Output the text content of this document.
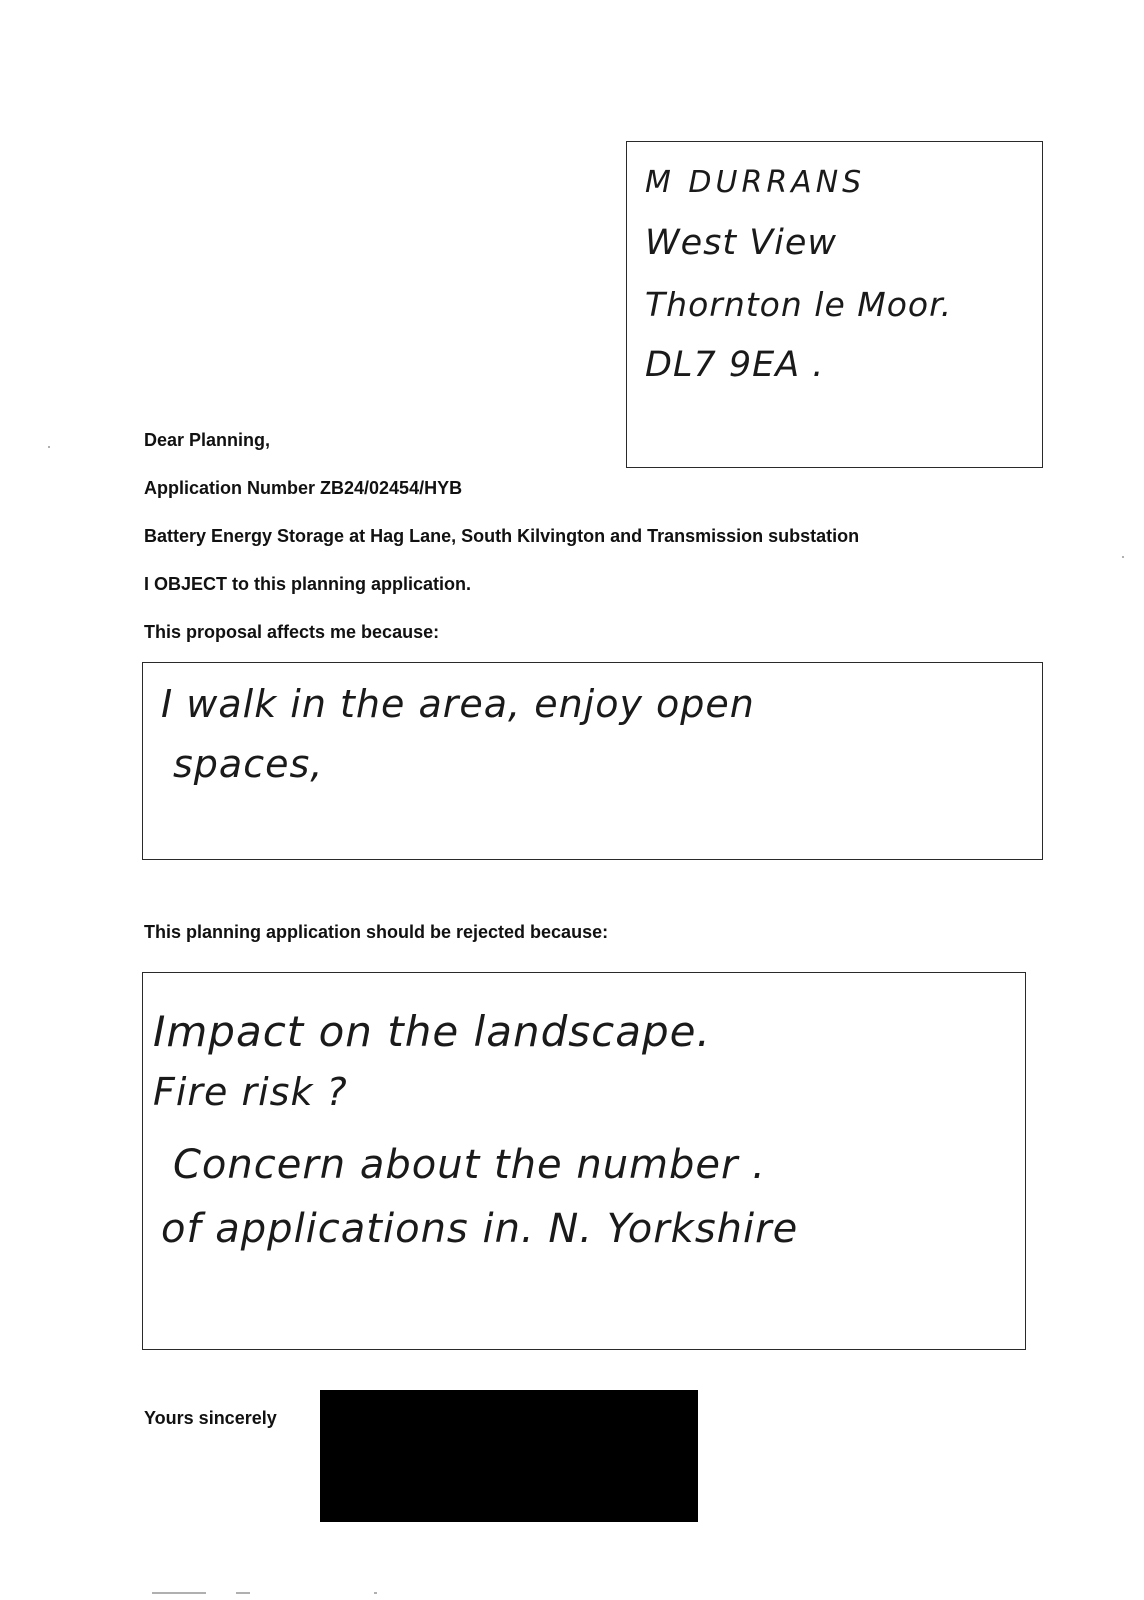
M DURRANS
West View
Thornton le Moor.
DL7 9EA .
Dear Planning,
Application Number ZB24/02454/HYB
Battery Energy Storage at Hag Lane, South Kilvington and Transmission substation
I OBJECT to this planning application.
This proposal affects me because:
I walk in the area, enjoy open
spaces,
This planning application should be rejected because:
Impact on the landscape.
Fire risk ?
Concern about the number .
of applications in. N. Yorkshire
Yours sincerely
